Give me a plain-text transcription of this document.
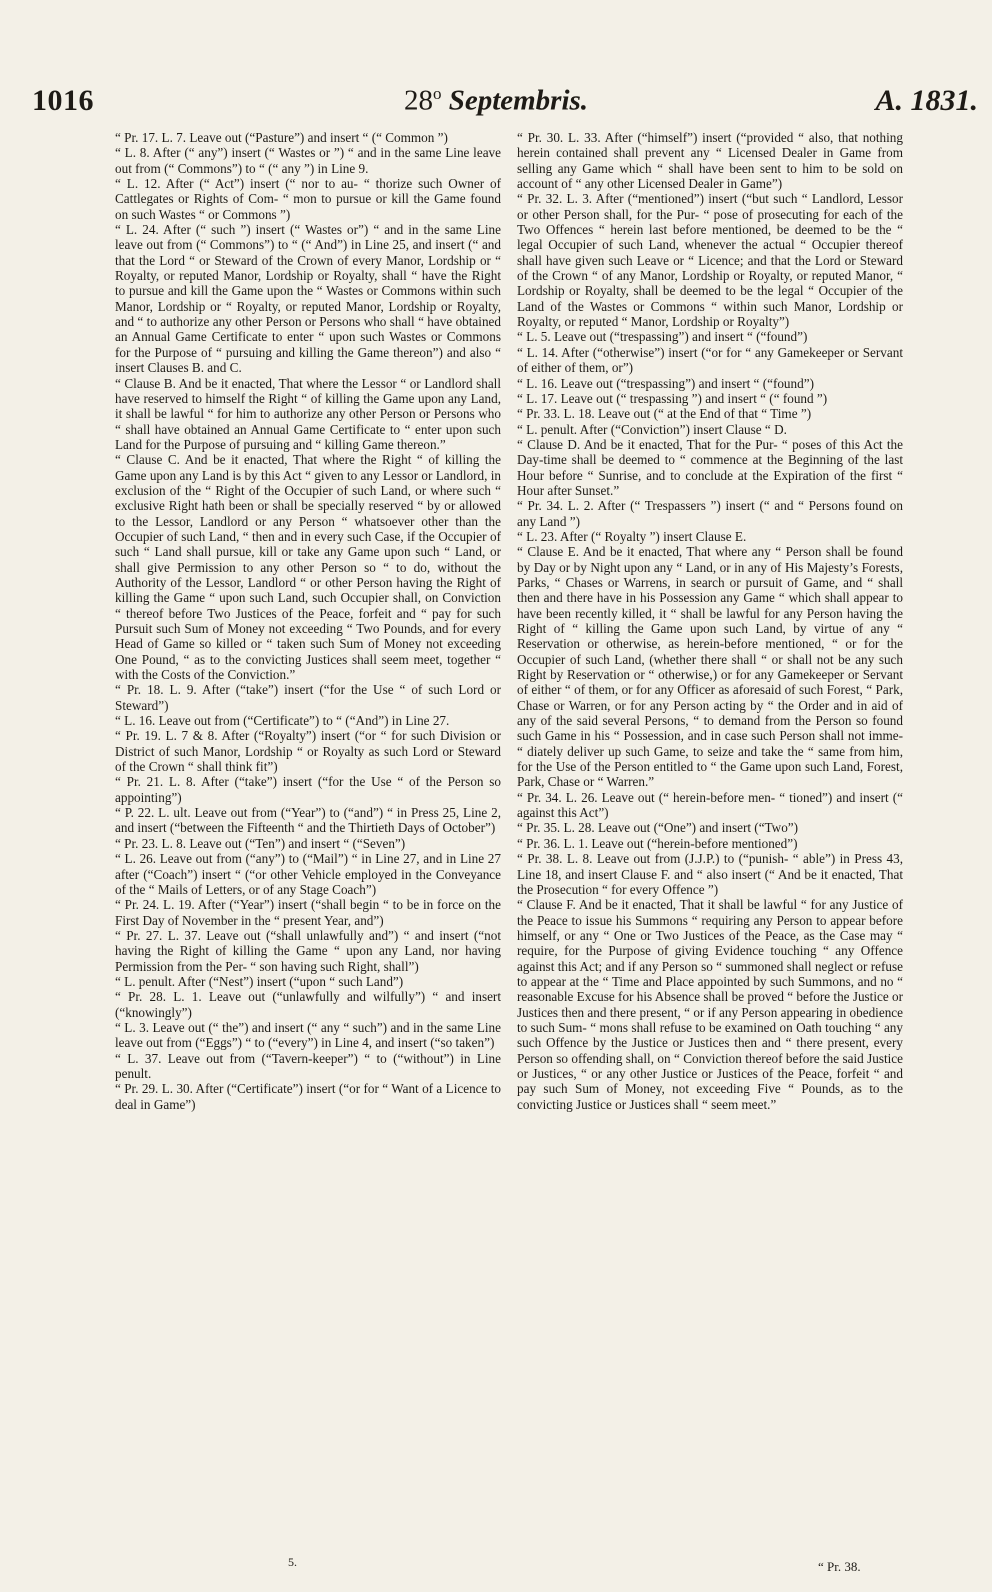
1016	28$^o$ Septembris.	A. 1831.

“ Pr. 17. L. 7. Leave out (“Pasture”) and insert “ (“ Common ”)

“ L. 8. After (“ any”) insert (“ Wastes or ”) “ and in the same Line leave out from (“ Commons”) to “ (“ any ”) in Line 9.

“ L. 12. After (“ Act”) insert (“ nor to au- “ thorize such Owner of Cattlegates or Rights of Com- “ mon to pursue or kill the Game found on such Wastes “ or Commons ”)

“ L. 24. After (“ such ”) insert (“ Wastes or”) “ and in the same Line leave out from (“ Commons”) to “ (“ And”) in Line 25, and insert (“ and that the Lord “ or Steward of the Crown of every Manor, Lordship or “ Royalty, or reputed Manor, Lordship or Royalty, shall “ have the Right to pursue and kill the Game upon the “ Wastes or Commons within such Manor, Lordship or “ Royalty, or reputed Manor, Lordship or Royalty, and “ to authorize any other Person or Persons who shall “ have obtained an Annual Game Certificate to enter “ upon such Wastes or Commons for the Purpose of “ pursuing and killing the Game thereon”) and also “ insert Clauses B. and C.

“ Clause B. And be it enacted, That where the Lessor “ or Landlord shall have reserved to himself the Right “ of killing the Game upon any Land, it shall be lawful “ for him to authorize any other Person or Persons who “ shall have obtained an Annual Game Certificate to “ enter upon such Land for the Purpose of pursuing and “ killing Game thereon.”

“ Clause C. And be it enacted, That where the Right “ of killing the Game upon any Land is by this Act “ given to any Lessor or Landlord, in exclusion of the “ Right of the Occupier of such Land, or where such “ exclusive Right hath been or shall be specially reserved “ by or allowed to the Lessor, Landlord or any Person “ whatsoever other than the Occupier of such Land, “ then and in every such Case, if the Occupier of such “ Land shall pursue, kill or take any Game upon such “ Land, or shall give Permission to any other Person so “ to do, without the Authority of the Lessor, Landlord “ or other Person having the Right of killing the Game “ upon such Land, such Occupier shall, on Conviction “ thereof before Two Justices of the Peace, forfeit and “ pay for such Pursuit such Sum of Money not exceeding “ Two Pounds, and for every Head of Game so killed or “ taken such Sum of Money not exceeding One Pound, “ as to the convicting Justices shall seem meet, together “ with the Costs of the Conviction.”

“ Pr. 18. L. 9. After (“take”) insert (“for the Use “ of such Lord or Steward”)

“ L. 16. Leave out from (“Certificate”) to “ (“And”) in Line 27.

“ Pr. 19. L. 7 & 8. After (“Royalty”) insert (“or “ for such Division or District of such Manor, Lordship “ or Royalty as such Lord or Steward of the Crown “ shall think fit”)

“ Pr. 21. L. 8. After (“take”) insert (“for the Use “ of the Person so appointing”)

“ P. 22. L. ult. Leave out from (“Year”) to (“and”) “ in Press 25, Line 2, and insert (“between the Fifteenth “ and the Thirtieth Days of October”)

“ Pr. 23. L. 8. Leave out (“Ten”) and insert “ (“Seven”)

“ L. 26. Leave out from (“any”) to (“Mail”) “ in Line 27, and in Line 27 after (“Coach”) insert “ (“or other Vehicle employed in the Conveyance of the “ Mails of Letters, or of any Stage Coach”)

“ Pr. 24. L. 19. After (“Year”) insert (“shall begin “ to be in force on the First Day of November in the “ present Year, and”)

“ Pr. 27. L. 37. Leave out (“shall unlawfully and”) “ and insert (“not having the Right of killing the Game “ upon any Land, nor having Permission from the Per- “ son having such Right, shall”)

“ L. penult. After (“Nest”) insert (“upon “ such Land”)

“ Pr. 28. L. 1. Leave out (“unlawfully and wilfully”) “ and insert (“knowingly”)

“ L. 3. Leave out (“ the”) and insert (“ any “ such”) and in the same Line leave out from (“Eggs”) “ to (“every”) in Line 4, and insert (“so taken”)

“ L. 37. Leave out from (“Tavern-keeper”) “ to (“without”) in Line penult.

“ Pr. 29. L. 30. After (“Certificate”) insert (“or for “ Want of a Licence to deal in Game”)

“ Pr. 30. L. 33. After (“himself”) insert (“provided “ also, that nothing herein contained shall prevent any “ Licensed Dealer in Game from selling any Game which “ shall have been sent to him to be sold on account of “ any other Licensed Dealer in Game”)

“ Pr. 32. L. 3. After (“mentioned”) insert (“but such “ Landlord, Lessor or other Person shall, for the Pur- “ pose of prosecuting for each of the Two Offences “ herein last before mentioned, be deemed to be the “ legal Occupier of such Land, whenever the actual “ Occupier thereof shall have given such Leave or “ Licence; and that the Lord or Steward of the Crown “ of any Manor, Lordship or Royalty, or reputed Manor, “ Lordship or Royalty, shall be deemed to be the legal “ Occupier of the Land of the Wastes or Commons “ within such Manor, Lordship or Royalty, or reputed “ Manor, Lordship or Royalty”)

“ L. 5. Leave out (“trespassing”) and insert “ (“found”)

“ L. 14. After (“otherwise”) insert (“or for “ any Gamekeeper or Servant of either of them, or”)

“ L. 16. Leave out (“trespassing”) and insert “ (“found”)

“ L. 17. Leave out (“ trespassing ”) and insert “ (“ found ”)

“ Pr. 33. L. 18. Leave out (“ at the End of that “ Time ”)

“ L. penult. After (“Conviction”) insert Clause “ D.

“ Clause D. And be it enacted, That for the Pur- “ poses of this Act the Day-time shall be deemed to “ commence at the Beginning of the last Hour before “ Sunrise, and to conclude at the Expiration of the first “ Hour after Sunset.”

“ Pr. 34. L. 2. After (“ Trespassers ”) insert (“ and “ Persons found on any Land ”)

“ L. 23. After (“ Royalty ”) insert Clause E.

“ Clause E. And be it enacted, That where any “ Person shall be found by Day or by Night upon any “ Land, or in any of His Majesty’s Forests, Parks, “ Chases or Warrens, in search or pursuit of Game, and “ shall then and there have in his Possession any Game “ which shall appear to have been recently killed, it “ shall be lawful for any Person having the Right of “ killing the Game upon such Land, by virtue of any “ Reservation or otherwise, as herein-before mentioned, “ or for the Occupier of such Land, (whether there shall “ or shall not be any such Right by Reservation or “ otherwise,) or for any Gamekeeper or Servant of either “ of them, or for any Officer as aforesaid of such Forest, “ Park, Chase or Warren, or for any Person acting by “ the Order and in aid of any of the said several Persons, “ to demand from the Person so found such Game in his “ Possession, and in case such Person shall not imme- “ diately deliver up such Game, to seize and take the “ same from him, for the Use of the Person entitled to “ the Game upon such Land, Forest, Park, Chase or “ Warren.”

“ Pr. 34. L. 26. Leave out (“ herein-before men- “ tioned”) and insert (“ against this Act”)

“ Pr. 35. L. 28. Leave out (“One”) and insert (“Two”)

“ Pr. 36. L. 1. Leave out (“herein-before mentioned”)

“ Pr. 38. L. 8. Leave out from (J.J.P.) to (“punish- “ able”) in Press 43, Line 18, and insert Clause F. and “ also insert (“ And be it enacted, That the Prosecution “ for every Offence ”)

“ Clause F. And be it enacted, That it shall be lawful “ for any Justice of the Peace to issue his Summons “ requiring any Person to appear before himself, or any “ One or Two Justices of the Peace, as the Case may “ require, for the Purpose of giving Evidence touching “ any Offence against this Act; and if any Person so “ summoned shall neglect or refuse to appear at the “ Time and Place appointed by such Summons, and no “ reasonable Excuse for his Absence shall be proved “ before the Justice or Justices then and there present, “ or if any Person appearing in obedience to such Sum- “ mons shall refuse to be examined on Oath touching “ any such Offence by the Justice or Justices then and “ there present, every Person so offending shall, on “ Conviction thereof before the said Justice or Justices, “ or any other Justice or Justices of the Peace, forfeit “ and pay such Sum of Money, not exceeding Five “ Pounds, as to the convicting Justice or Justices shall “ seem meet.”

5.	“ Pr. 38.
